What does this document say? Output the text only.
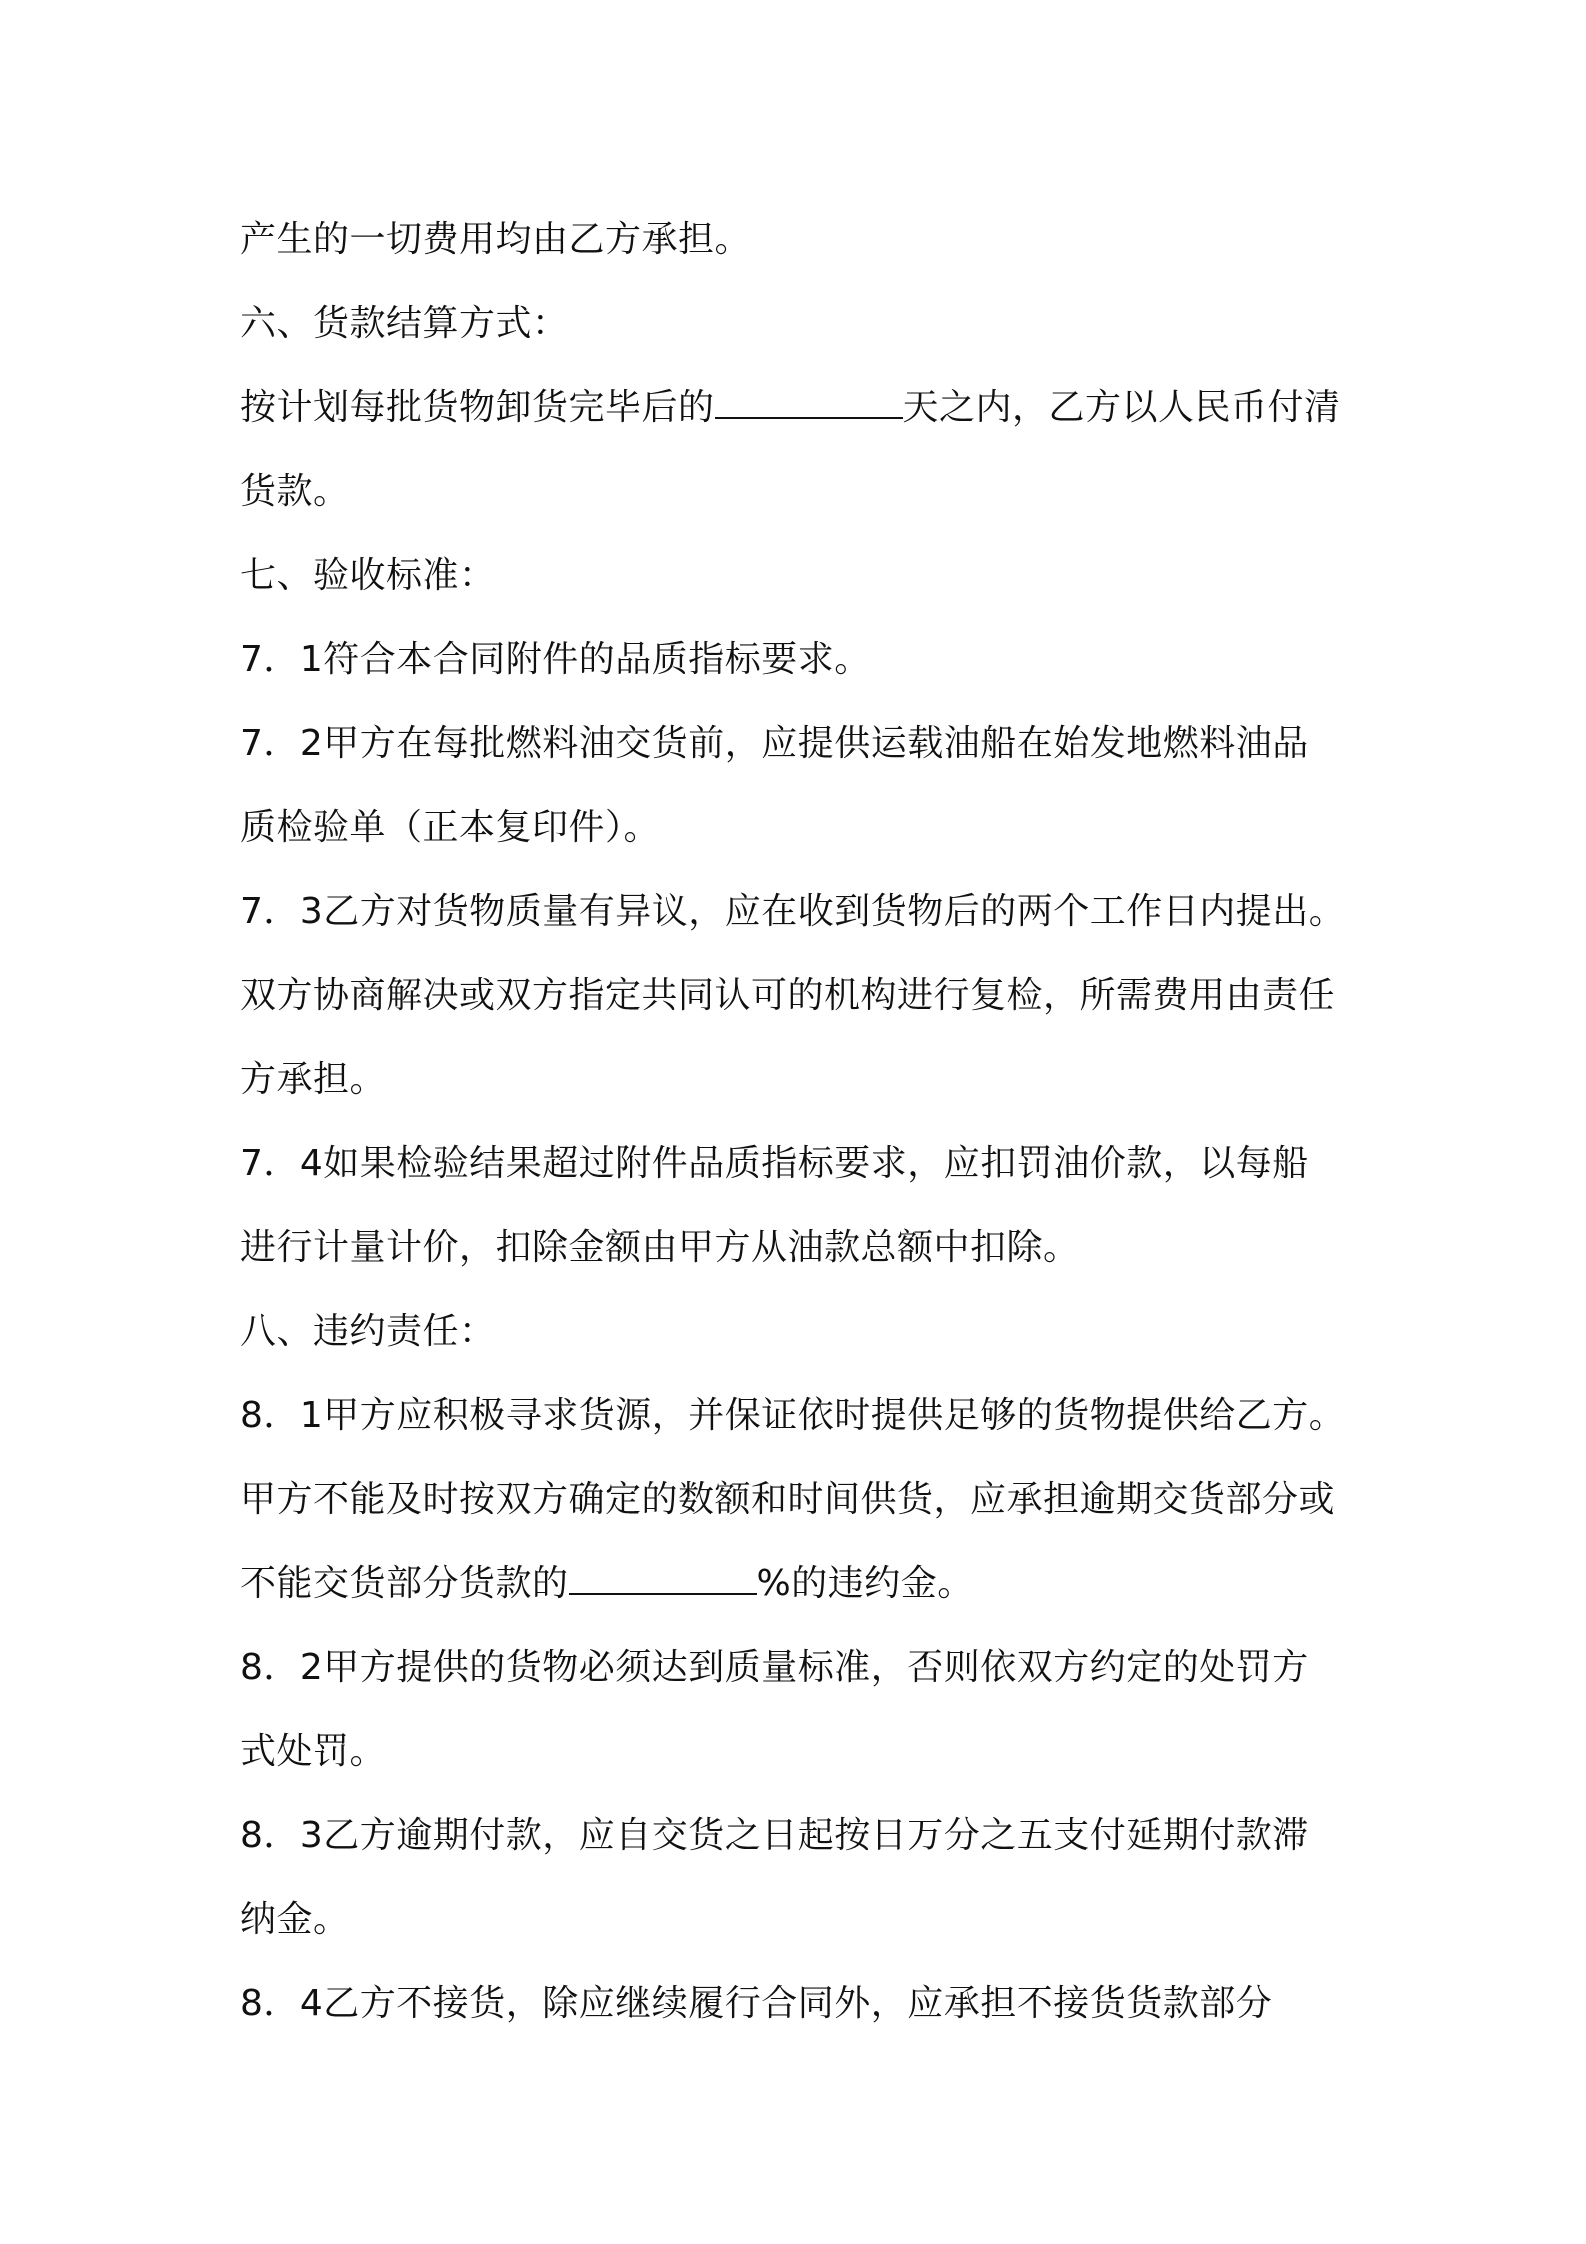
产生的一切费用均由乙方承担。
六、货款结算方式：
按计划每批货物卸货完毕后的	天之内，乙方以人民币付清
货款。
七、验收标准：
7．1符合本合同附件的品质指标要求。
7．2甲方在每批燃料油交货前，应提供运载油船在始发地燃料油品
质检验单（正本复印件）。
7．3乙方对货物质量有异议，应在收到货物后的两个工作日内提出。
双方协商解决或双方指定共同认可的机构进行复检，所需费用由责任
方承担。
7．4如果检验结果超过附件品质指标要求，应扣罚油价款，以每船
进行计量计价，扣除金额由甲方从油款总额中扣除。
八、违约责任：
8．1甲方应积极寻求货源，并保证依时提供足够的货物提供给乙方。
甲方不能及时按双方确定的数额和时间供货，应承担逾期交货部分或
不能交货部分货款的	%的违约金。
8．2甲方提供的货物必须达到质量标准，否则依双方约定的处罚方
式处罚。
8．3乙方逾期付款，应自交货之日起按日万分之五支付延期付款滞
纳金。
8．4乙方不接货，除应继续履行合同外，应承担不接货货款部分
